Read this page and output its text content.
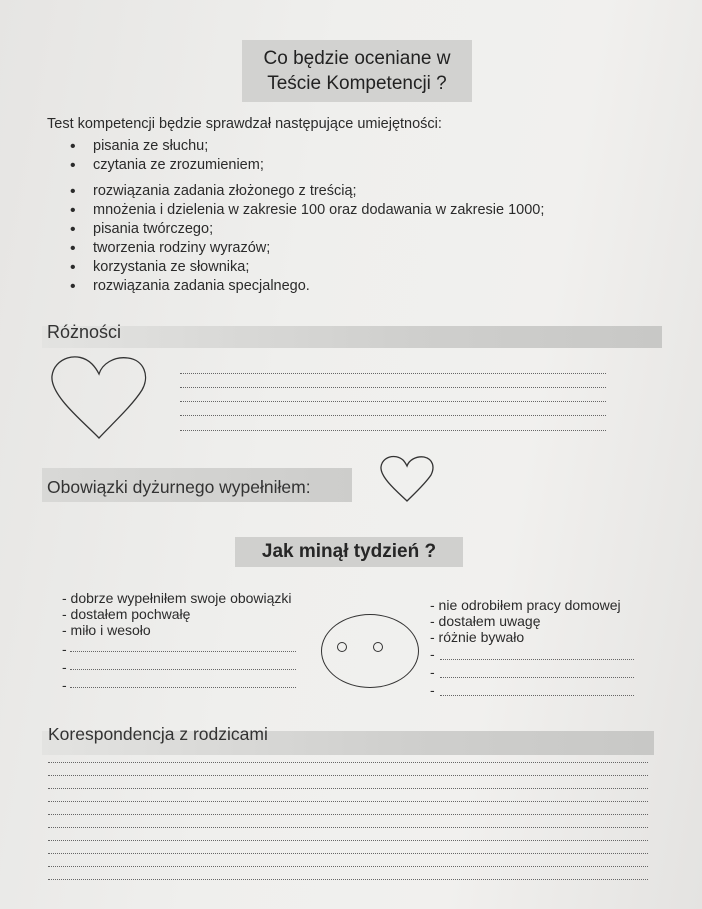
Co będzie oceniane w
Teście Kompetencji ?
Test kompetencji będzie sprawdzał następujące umiejętności:
• pisania ze słuchu;
• czytania ze zrozumieniem;
• rozwiązania zadania złożonego z treścią;
• mnożenia i dzielenia w zakresie 100 oraz dodawania w zakresie 1000;
• pisania twórczego;
• tworzenia rodziny wyrazów;
• korzystania ze słownika;
• rozwiązania zadania specjalnego.
Różności
Obowiązki dyżurnego wypełniłem:
Jak minął tydzień ?
- dobrze wypełniłem swoje obowiązki
- dostałem pochwałę
- miło i wesoło
-
-
-
- nie odrobiłem pracy domowej
- dostałem uwagę
- różnie bywało
-
-
-
Korespondencja z rodzicami
